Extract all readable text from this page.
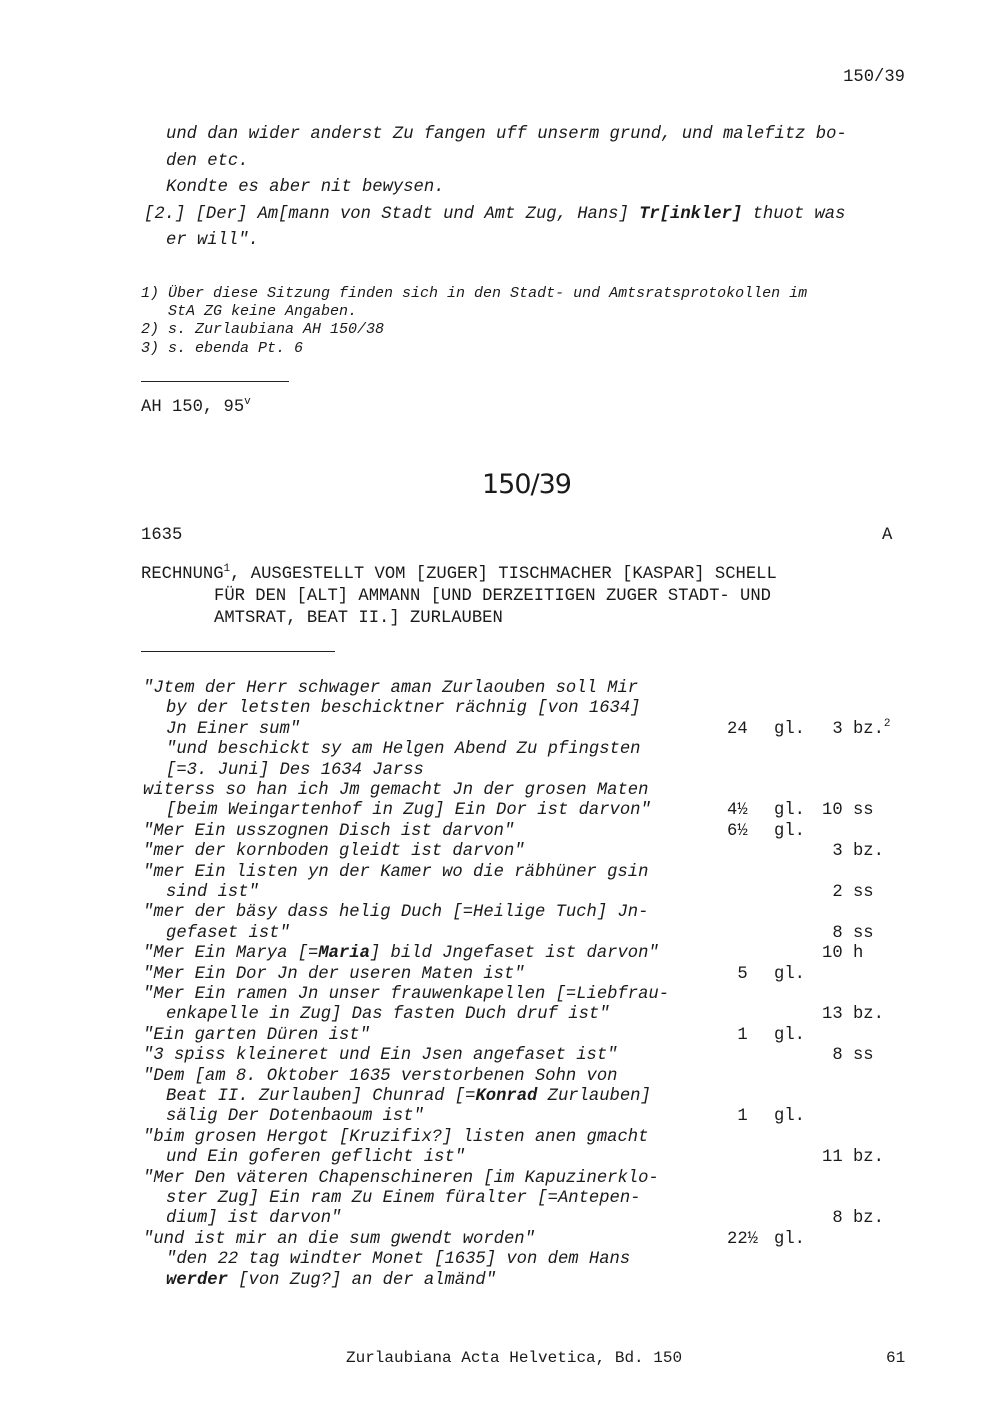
150/39
und dan wider anderst Zu fangen uff unserm grund, und malefitz bo-
den etc.
Kondte es aber nit bewysen.
[2.] [Der] Am[mann von Stadt und Amt Zug, Hans] Tr[inkler] thuot was
er will".
1) Über diese Sitzung finden sich in den Stadt- und Amtsratsprotokollen im
StA ZG keine Angaben.
2) s. Zurlaubiana AH 150/38
3) s. ebenda Pt. 6
AH 150, 95$^v$
150/39
1635	A
RECHNUNG$^1$, AUSGESTELLT VOM [ZUGER] TISCHMACHER [KASPAR] SCHELL
FÜR DEN [ALT] AMMANN [UND DERZEITIGEN ZUGER STADT- UND
AMTSRAT, BEAT II.] ZURLAUBEN
"Jtem der Herr schwager aman Zurlaouben soll Mir
by der letsten beschicktner rächnig [von 1634]
Jn Einer sum"	24 gl. 3 bz.$^2$
"und beschickt sy am Helgen Abend Zu pfingsten
[=3. Juni] Des 1634 Jarss
witerss so han ich Jm gemacht Jn der grosen Maten
[beim Weingartenhof in Zug] Ein Dor ist darvon"	4½ gl. 10 ss
"Mer Ein usszognen Disch ist darvon"	6½ gl.
"mer der kornboden gleidt ist darvon"	3 bz.
"mer Ein listen yn der Kamer wo die räbhüner gsin
sind ist"	2 ss
"mer der bäsy dass helig Duch [=Heilige Tuch] Jn-
gefaset ist"	8 ss
"Mer Ein Marya [=Maria] bild Jngefaset ist darvon"	10 h
"Mer Ein Dor Jn der useren Maten ist"	5 gl.
"Mer Ein ramen Jn unser frauwenkapellen [=Liebfrau-
enkapelle in Zug] Das fasten Duch druf ist"	13 bz.
"Ein garten Düren ist"	1 gl.
"3 spiss kleineret und Ein Jsen angefaset ist"	8 ss
"Dem [am 8. Oktober 1635 verstorbenen Sohn von
Beat II. Zurlauben] Chunrad [=Konrad Zurlauben]
sälig Der Dotenbaoum ist"	1 gl.
"bim grosen Hergot [Kruzifix?] listen anen gmacht
und Ein goferen geflicht ist"	11 bz.
"Mer Den väteren Chapenschineren [im Kapuzinerklo-
ster Zug] Ein ram Zu Einem füralter [=Antepen-
dium] ist darvon"	8 bz.
"und ist mir an die sum gwendt worden"	22½ gl.
"den 22 tag windter Monet [1635] von dem Hans
werder [von Zug?] an der almänd"
Zurlaubiana Acta Helvetica, Bd. 150	61
